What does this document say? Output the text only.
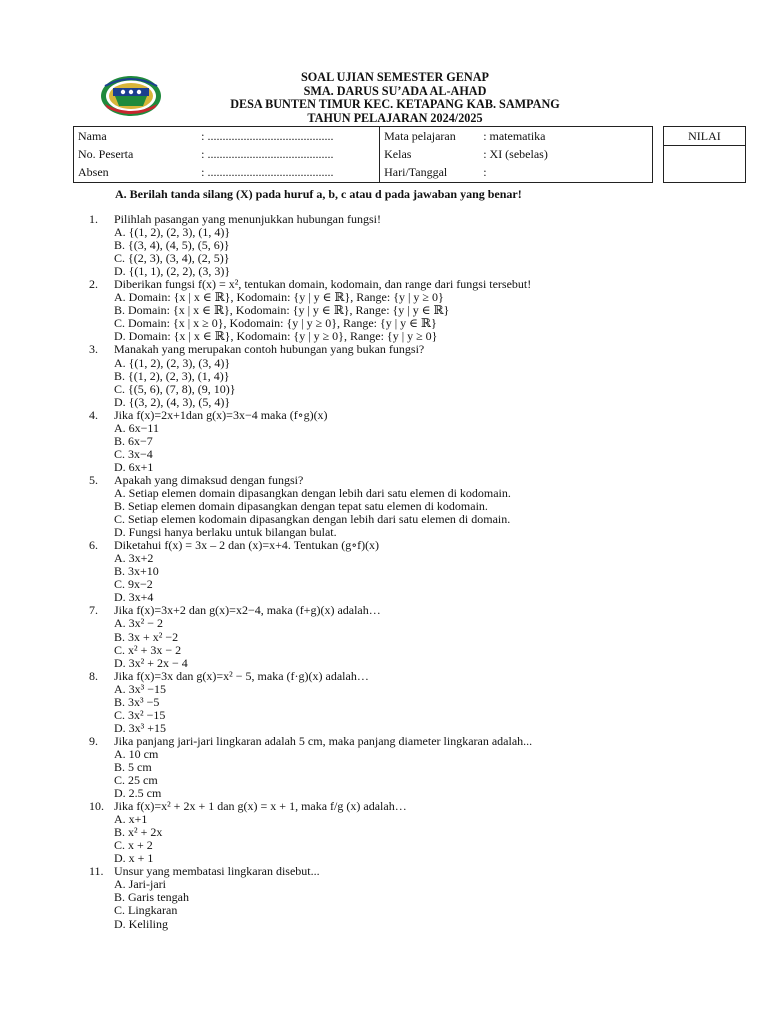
SOAL UJIAN SEMESTER GENAP
SMA. DARUS SU’ADA AL-AHAD
DESA BUNTEN TIMUR KEC. KETAPANG KAB. SAMPANG
TAHUN PELAJARAN 2024/2025
Nama	: ..........................................	Mata pelajaran	: matematika		NILAI
No. Peserta	: ..........................................	Kelas	: XI (sebelas)		
Absen	: ..........................................	Hari/Tanggal	:		
A. Berilah tanda silang (X) pada huruf a, b, c atau d pada jawaban yang benar!
1. Pilihlah pasangan yang menunjukkan hubungan fungsi!
A. {(1, 2), (2, 3), (1, 4)}
B. {(3, 4), (4, 5), (5, 6)}
C. {(2, 3), (3, 4), (2, 5)}
D. {(1, 1), (2, 2), (3, 3)}
2. Diberikan fungsi f(x) = x², tentukan domain, kodomain, dan range dari fungsi tersebut!
A. Domain: {x | x ∈ ℝ}, Kodomain: {y | y ∈ ℝ}, Range: {y | y ≥ 0}
B. Domain: {x | x ∈ ℝ}, Kodomain: {y | y ∈ ℝ}, Range: {y | y ∈ ℝ}
C. Domain: {x | x ≥ 0}, Kodomain: {y | y ≥ 0}, Range: {y | y ∈ ℝ}
D. Domain: {x | x ∈ ℝ}, Kodomain: {y | y ≥ 0}, Range: {y | y ≥ 0}
3. Manakah yang merupakan contoh hubungan yang bukan fungsi?
A. {(1, 2), (2, 3), (3, 4)}
B. {(1, 2), (2, 3), (1, 4)}
C. {(5, 6), (7, 8), (9, 10)}
D. {(3, 2), (4, 3), (5, 4)}
4. Jika f(x)=2x+1dan g(x)=3x−4 maka (f∘g)(x)
A. 6x−11
B. 6x−7
C. 3x−4
D. 6x+1
5. Apakah yang dimaksud dengan fungsi?
A. Setiap elemen domain dipasangkan dengan lebih dari satu elemen di kodomain.
B. Setiap elemen domain dipasangkan dengan tepat satu elemen di kodomain.
C. Setiap elemen kodomain dipasangkan dengan lebih dari satu elemen di domain.
D. Fungsi hanya berlaku untuk bilangan bulat.
6. Diketahui f(x) = 3x – 2 dan (x)=x+4. Tentukan (g∘f)(x)
A. 3x+2
B. 3x+10
C. 9x−2
D. 3x+4
7. Jika f(x)=3x+2 dan g(x)=x2−4, maka (f+g)(x) adalah…
A. 3x² − 2
B. 3x + x² −2
C. x² + 3x − 2
D. 3x² + 2x − 4
8. Jika f(x)=3x dan g(x)=x² − 5, maka (f·g)(x) adalah…
A. 3x³ −15
B. 3x³ −5
C. 3x² −15
D. 3x³ +15
9. Jika panjang jari-jari lingkaran adalah 5 cm, maka panjang diameter lingkaran adalah...
A. 10 cm
B. 5 cm
C. 25 cm
D. 2.5 cm
10. Jika f(x)=x² + 2x + 1 dan g(x) = x + 1, maka f/g (x) adalah…
A. x+1
B. x² + 2x
C. x + 2
D. x + 1
11. Unsur yang membatasi lingkaran disebut...
A. Jari-jari
B. Garis tengah
C. Lingkaran
D. Keliling
